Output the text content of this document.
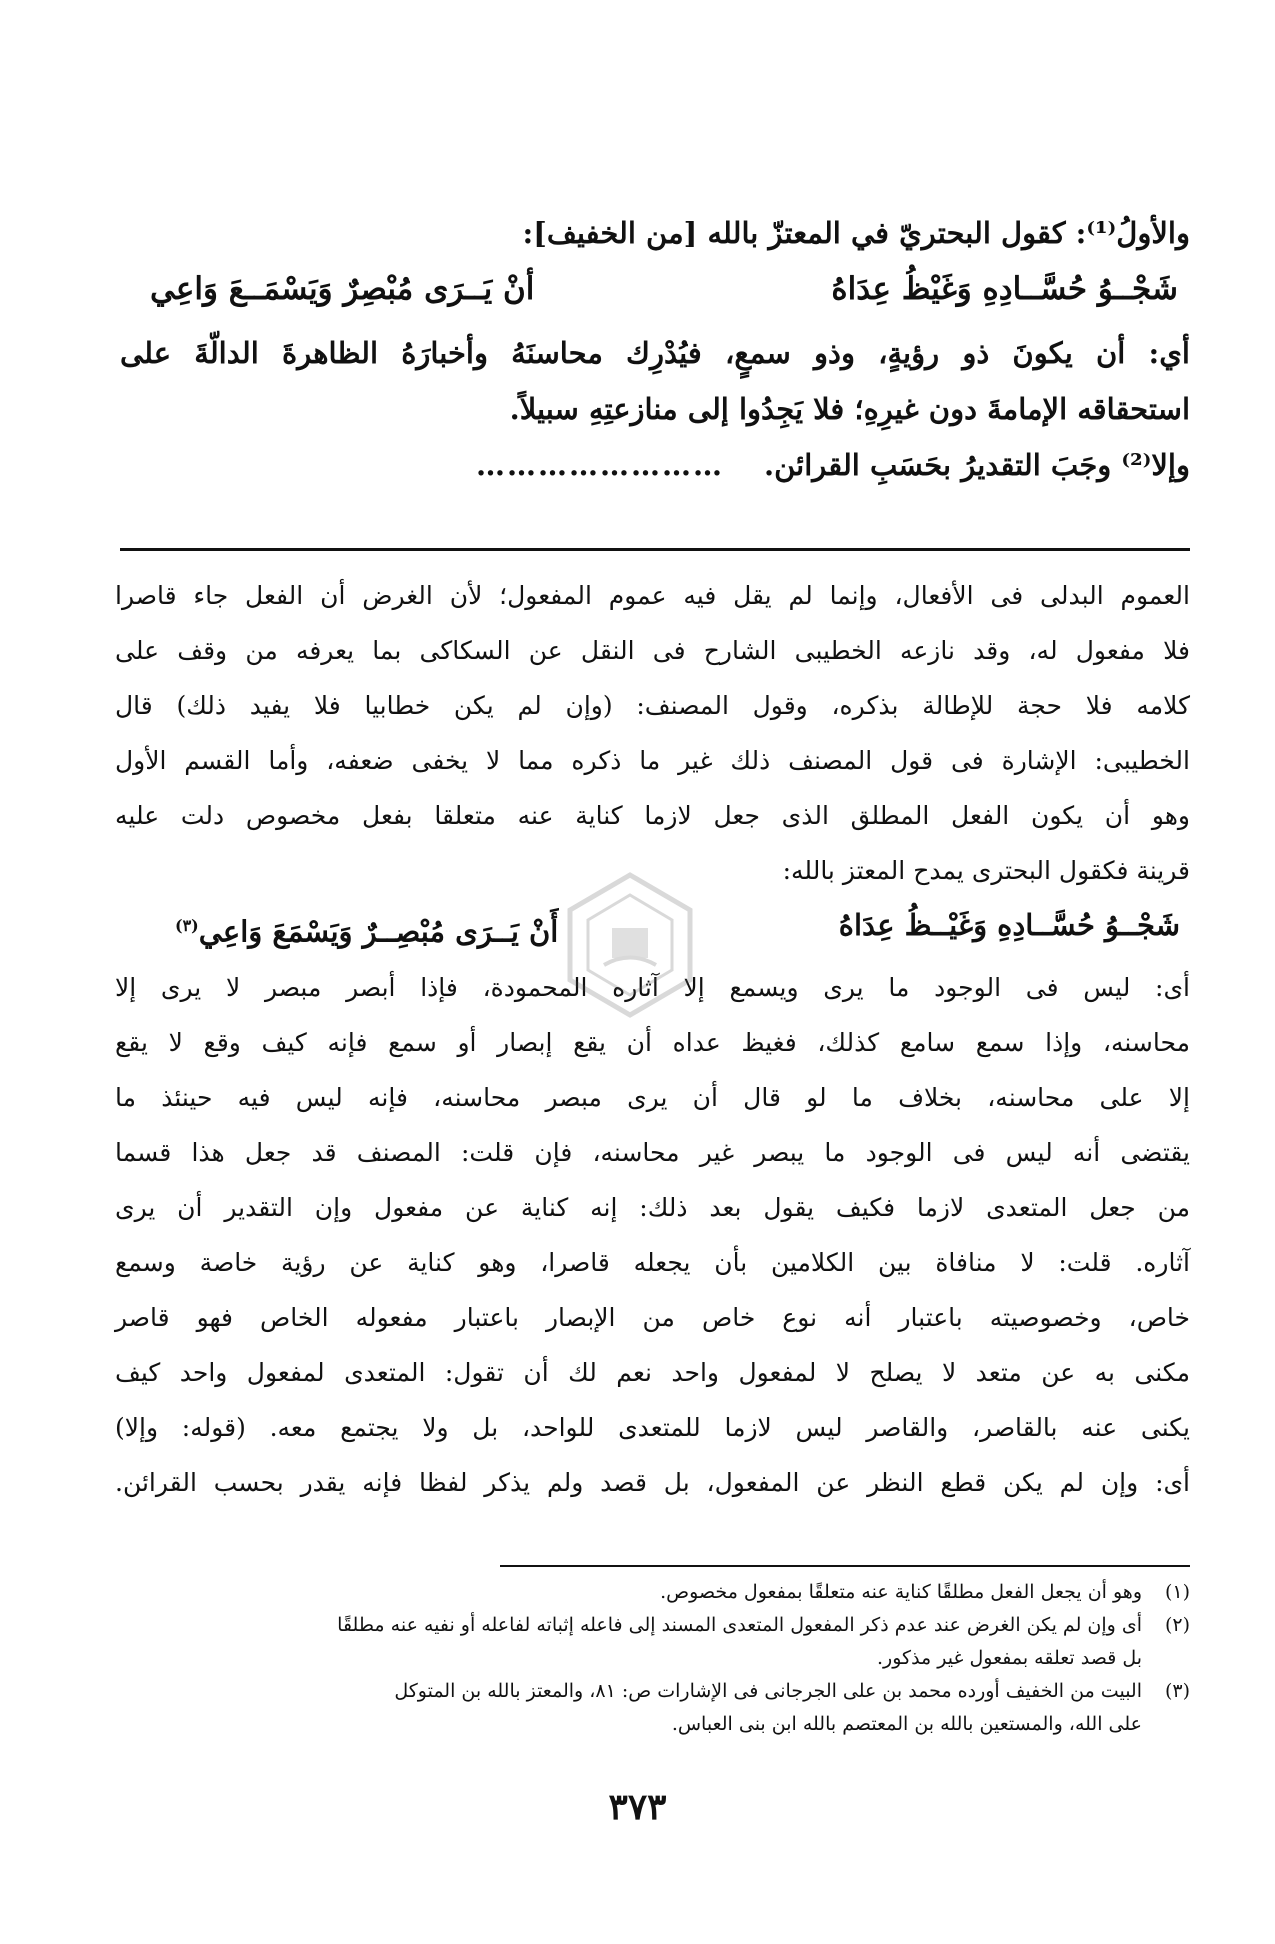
والأولُ⁽¹⁾: كقول البحتريّ في المعتزّ بالله [من الخفيف]:
شَجْــوُ حُسَّــادِهِ وَغَيْظُ عِدَاهُ
أنْ يَــرَى مُبْصِرٌ وَيَسْمَــعَ وَاعِي
أي: أن يكونَ ذو رؤيةٍ، وذو سمعٍ، فيُدْرِك محاسنَهُ وأخبارَهُ الظاهرةَ الدالّةَ على
استحقاقه الإمامةَ دون غيرِهِ؛ فلا يَجِدُوا إلى منازعتِهِ سبيلاً.
وإلا⁽²⁾ وجَبَ التقديرُ بحَسَبِ القرائن.……………………
العموم البدلى فى الأفعال، وإنما لم يقل فيه عموم المفعول؛ لأن الغرض أن الفعل جاء قاصرا
فلا مفعول له، وقد نازعه الخطيبى الشارح فى النقل عن السكاكى بما يعرفه من وقف على
كلامه فلا حجة للإطالة بذكره، وقول المصنف: (وإن لم يكن خطابيا فلا يفيد ذلك) قال
الخطيبى: الإشارة فى قول المصنف ذلك غير ما ذكره مما لا يخفى ضعفه، وأما القسم الأول
وهو أن يكون الفعل المطلق الذى جعل لازما كناية عنه متعلقا بفعل مخصوص دلت عليه
قرينة فكقول البحترى يمدح المعتز بالله:
شَجْــوُ حُسَّــادِهِ وَغَيْــظُ عِدَاهُ
أَنْ يَــرَى مُبْصِــرٌ وَيَسْمَعَ وَاعِي$^{(٣)}$
أى: ليس فى الوجود ما يرى ويسمع إلا آثاره المحمودة، فإذا أبصر مبصر لا يرى إلا
محاسنه، وإذا سمع سامع كذلك، فغيظ عداه أن يقع إبصار أو سمع فإنه كيف وقع لا يقع
إلا على محاسنه، بخلاف ما لو قال أن يرى مبصر محاسنه، فإنه ليس فيه حينئذ ما
يقتضى أنه ليس فى الوجود ما يبصر غير محاسنه، فإن قلت: المصنف قد جعل هذا قسما
من جعل المتعدى لازما فكيف يقول بعد ذلك: إنه كناية عن مفعول وإن التقدير أن يرى
آثاره. قلت: لا منافاة بين الكلامين بأن يجعله قاصرا، وهو كناية عن رؤية خاصة وسمع
خاص، وخصوصيته باعتبار أنه نوع خاص من الإبصار باعتبار مفعوله الخاص فهو قاصر
مكنى به عن متعد لا يصلح لا لمفعول واحد نعم لك أن تقول: المتعدى لمفعول واحد كيف
يكنى عنه بالقاصر، والقاصر ليس لازما للمتعدى للواحد، بل ولا يجتمع معه. (قوله: وإلا)
أى: وإن لم يكن قطع النظر عن المفعول، بل قصد ولم يذكر لفظا فإنه يقدر بحسب القرائن.
(١)
وهو أن يجعل الفعل مطلقًا كناية عنه متعلقًا بمفعول مخصوص.
(٢)
أى وإن لم يكن الغرض عند عدم ذكر المفعول المتعدى المسند إلى فاعله إثباته لفاعله أو نفيه عنه مطلقًا
بل قصد تعلقه بمفعول غير مذكور.
(٣)
البيت من الخفيف أورده محمد بن على الجرجانى فى الإشارات ص: ٨١، والمعتز بالله بن المتوكل
على الله، والمستعين بالله بن المعتصم بالله ابن بنى العباس.
٣٧٣
